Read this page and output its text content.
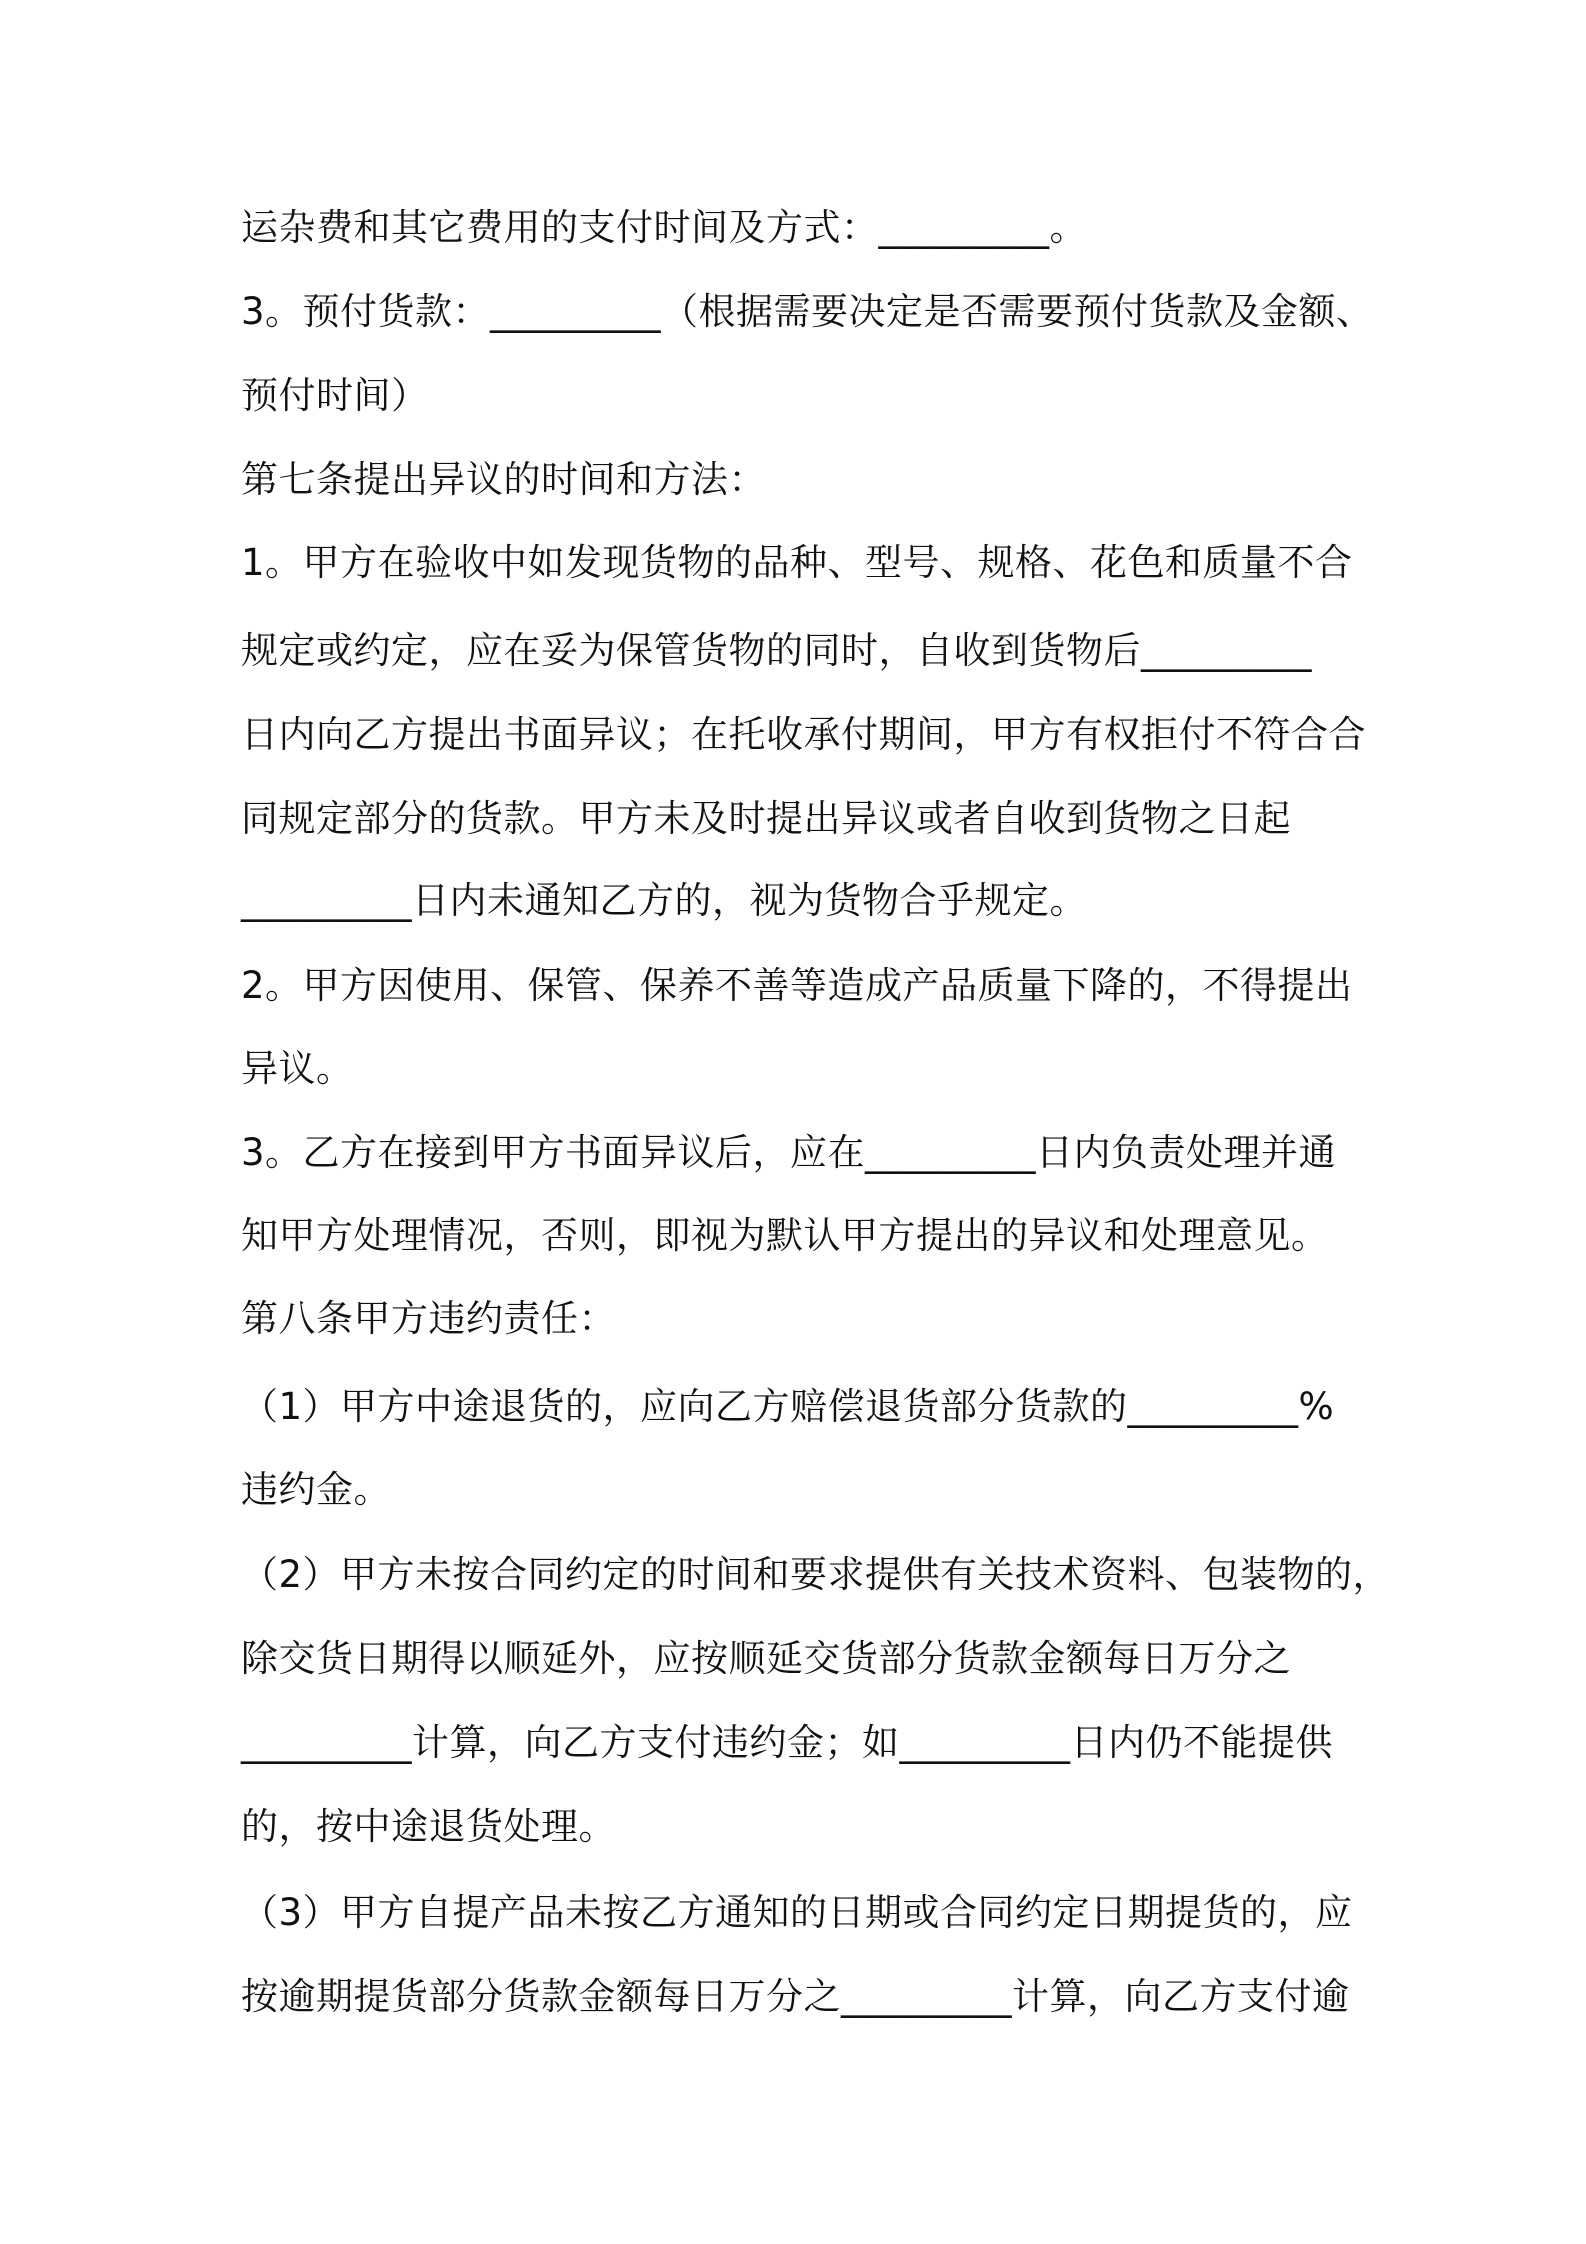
运杂费和其它费用的支付时间及方式：_________。
3。预付货款：_________（根据需要决定是否需要预付货款及金额、
预付时间）
第七条提出异议的时间和方法：
1。甲方在验收中如发现货物的品种、型号、规格、花色和质量不合
规定或约定，应在妥为保管货物的同时，自收到货物后_________
日内向乙方提出书面异议；在托收承付期间，甲方有权拒付不符合合
同规定部分的货款。甲方未及时提出异议或者自收到货物之日起
_________日内未通知乙方的，视为货物合乎规定。
2。甲方因使用、保管、保养不善等造成产品质量下降的，不得提出
异议。
3。乙方在接到甲方书面异议后，应在_________日内负责处理并通
知甲方处理情况，否则，即视为默认甲方提出的异议和处理意见。
第八条甲方违约责任：
（1）甲方中途退货的，应向乙方赔偿退货部分货款的_________%
违约金。
（2）甲方未按合同约定的时间和要求提供有关技术资料、包装物的，
除交货日期得以顺延外，应按顺延交货部分货款金额每日万分之
_________计算，向乙方支付违约金；如_________日内仍不能提供
的，按中途退货处理。
（3）甲方自提产品未按乙方通知的日期或合同约定日期提货的，应
按逾期提货部分货款金额每日万分之_________计算，向乙方支付逾
